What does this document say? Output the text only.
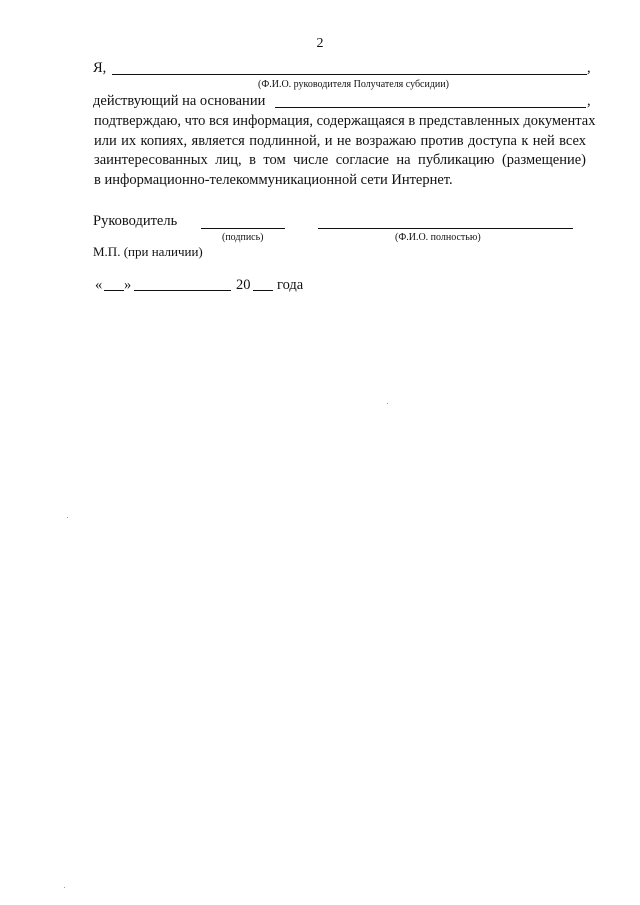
2
Я,	,
(Ф.И.О. руководителя Получателя субсидии)
действующий на основании	,
подтверждаю, что вся информация, содержащаяся в представленных документах
или их копиях, является подлинной, и не возражаю против доступа к ней всех
заинтересованных лиц, в том числе согласие на публикацию (размещение)
в информационно-телекоммуникационной сети Интернет.
Руководитель
(подпись)	(Ф.И.О. полностью)
М.П. (при наличии)
« »	20 года
